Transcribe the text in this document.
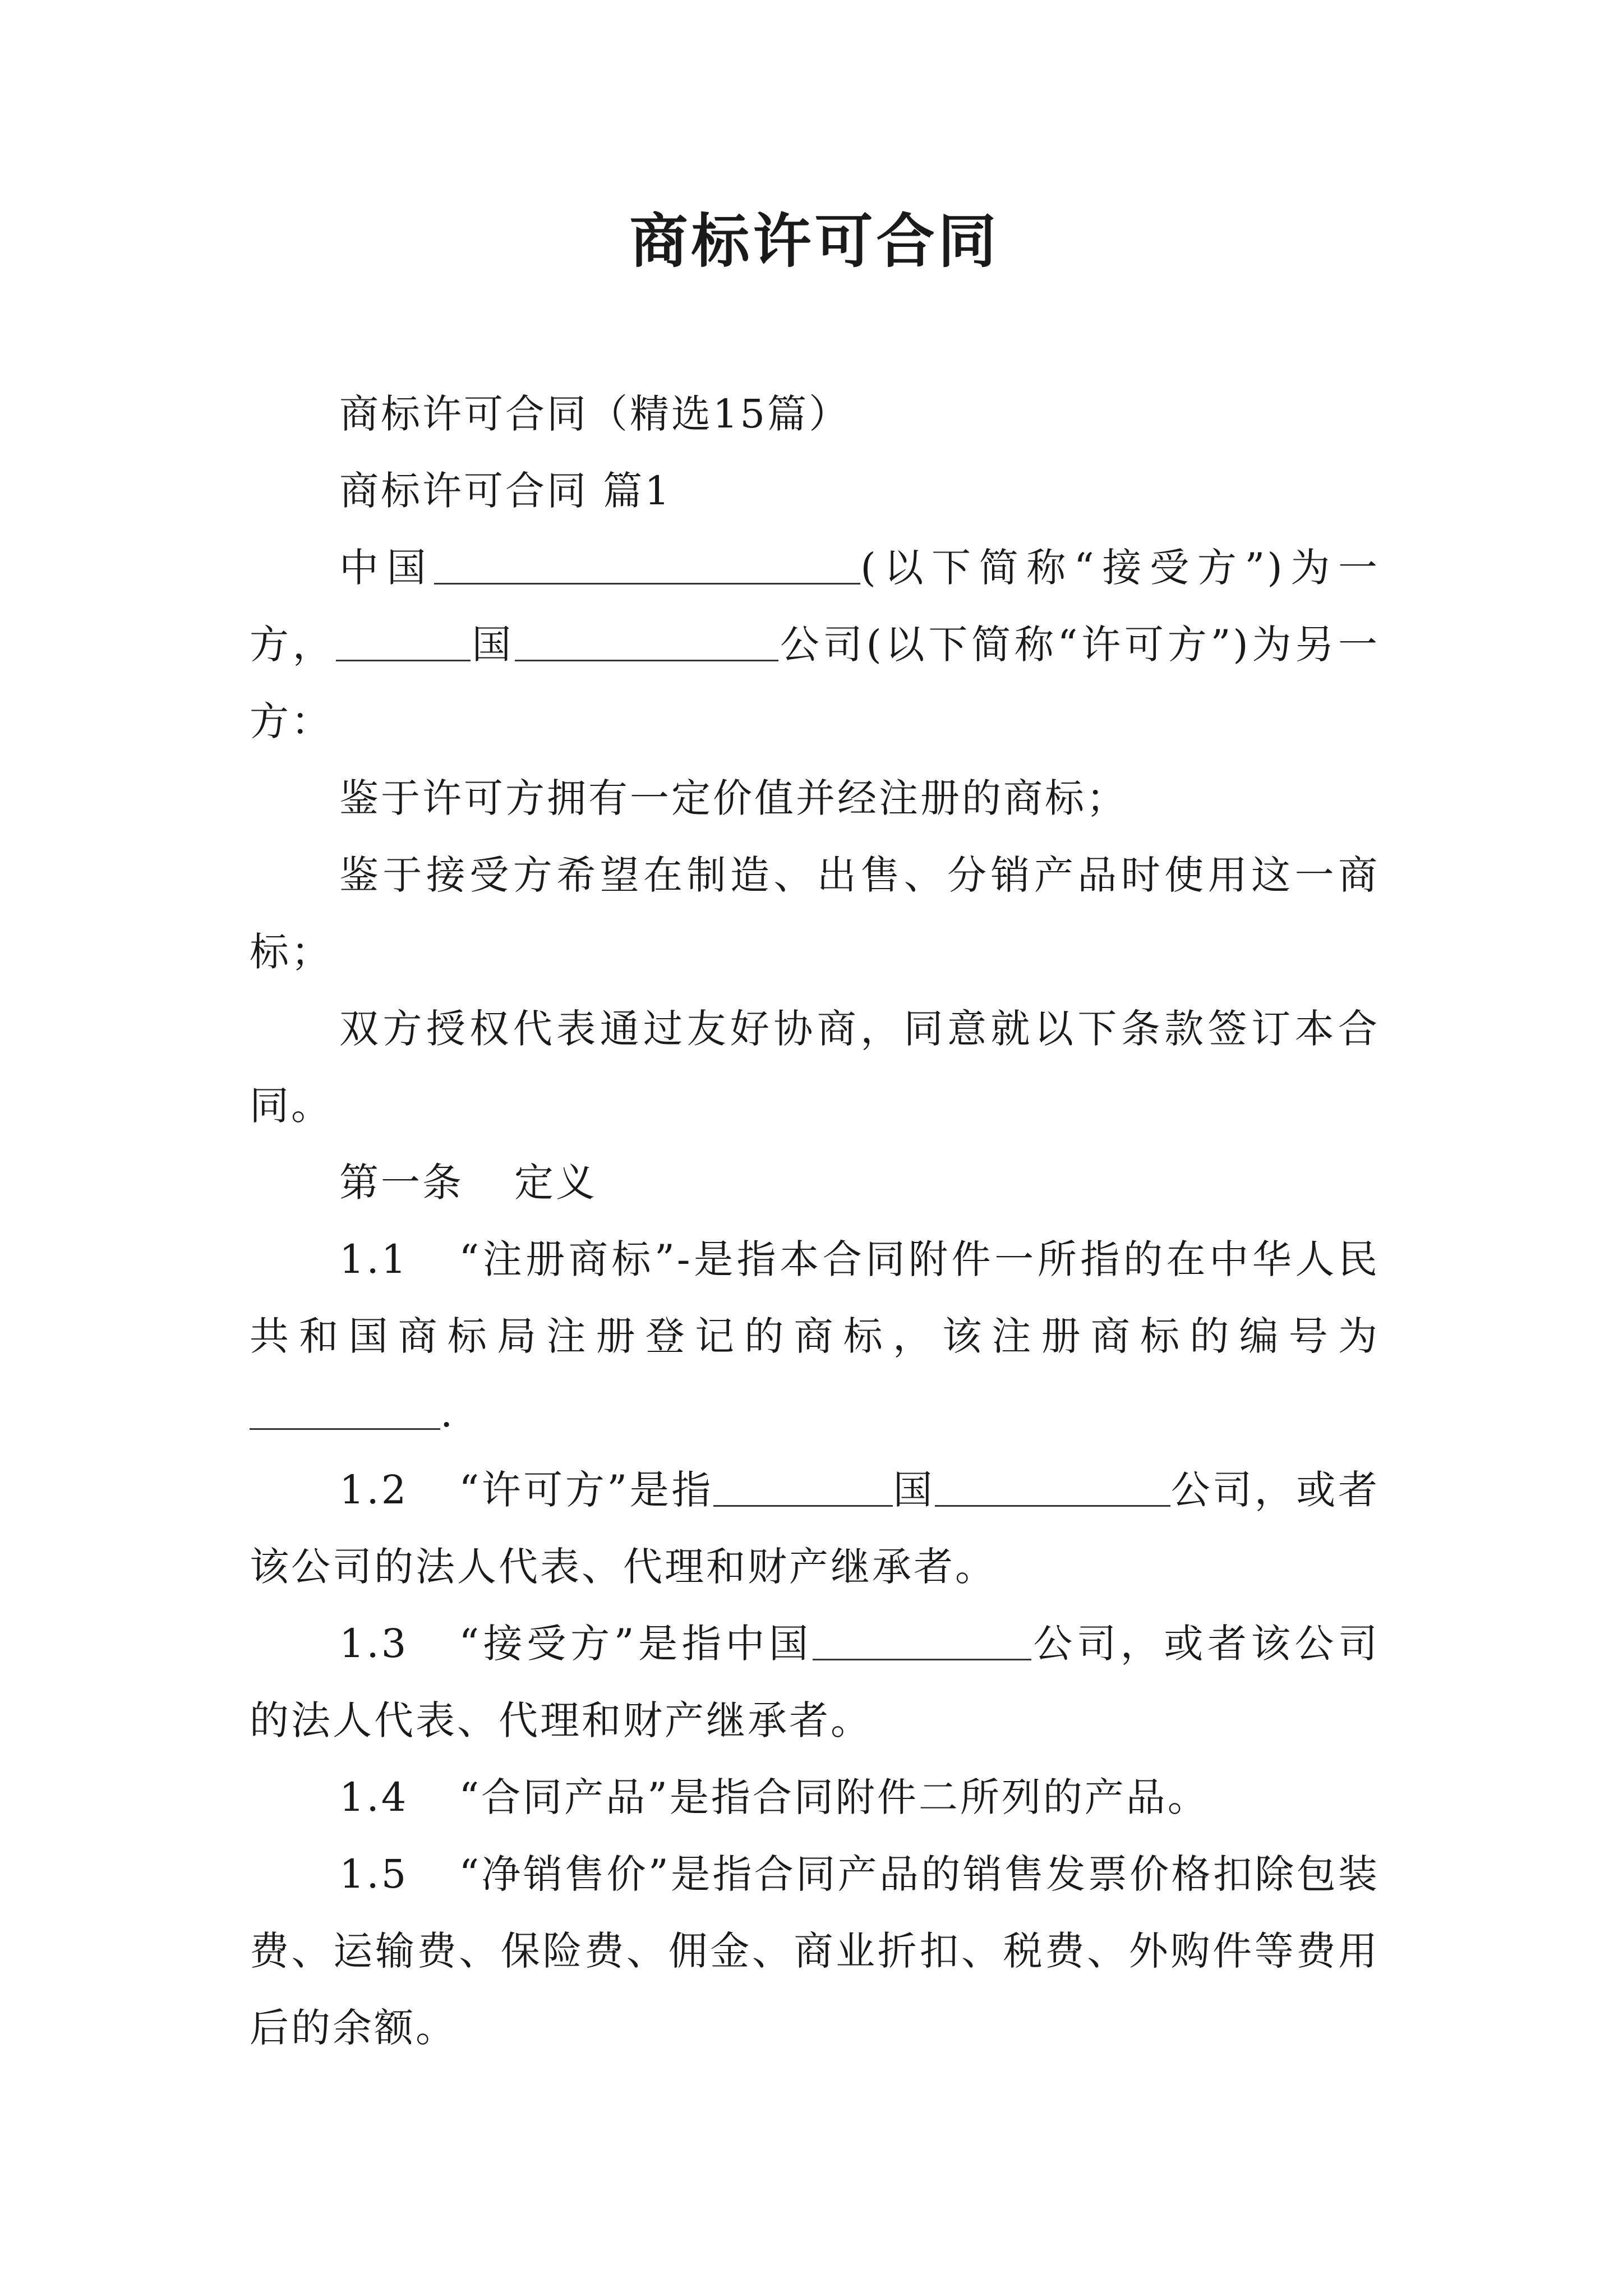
商标许可合同

商标许可合同（精选15篇）

商标许可合同 篇1

中国	(以下简称“接受方”)为一方，	国	公司(以下简称“许可方”)为另一方：

鉴于许可方拥有一定价值并经注册的商标；

鉴于接受方希望在制造、出售、分销产品时使用这一商标；

双方授权代表通过友好协商，同意就以下条款签订本合同。

第一条 定义

1.1 “注册商标”-是指本合同附件一所指的在中华人民共和国商标局注册登记的商标，该注册商标的编号为.

1.2 “许可方”是指	国	公司，或者该公司的法人代表、代理和财产继承者。

1.3 “接受方”是指中国	公司，或者该公司的法人代表、代理和财产继承者。

1.4 “合同产品”是指合同附件二所列的产品。

1.5 “净销售价”是指合同产品的销售发票价格扣除包装费、运输费、保险费、佣金、商业折扣、税费、外购件等费用后的余额。
